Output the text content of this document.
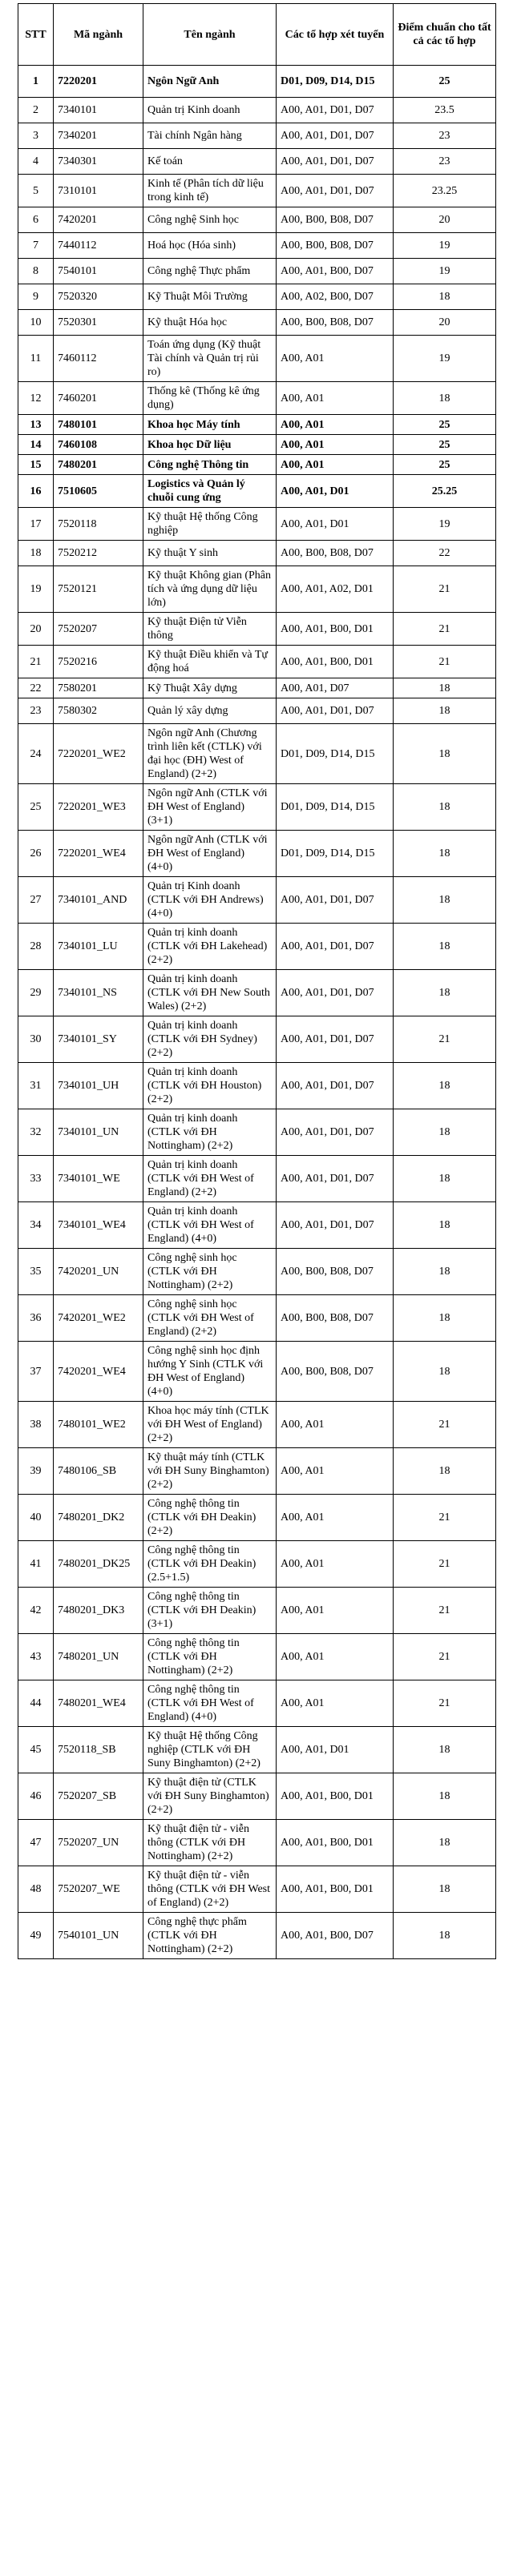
STT	Mã ngành	Tên ngành	Các tổ hợp xét tuyển	Điểm chuẩn cho tất cả các tổ hợp
1	7220201	Ngôn Ngữ Anh	D01, D09, D14, D15	25
2	7340101	Quản trị Kinh doanh	A00, A01, D01, D07	23.5
3	7340201	Tài chính Ngân hàng	A00, A01, D01, D07	23
4	7340301	Kế toán	A00, A01, D01, D07	23
5	7310101	Kinh tế (Phân tích dữ liệu trong kinh tế)	A00, A01, D01, D07	23.25
6	7420201	Công nghệ Sinh học	A00, B00, B08, D07	20
7	7440112	Hoá học (Hóa sinh)	A00, B00, B08, D07	19
8	7540101	Công nghệ Thực phẩm	A00, A01, B00, D07	19
9	7520320	Kỹ Thuật Môi Trường	A00, A02, B00, D07	18
10	7520301	Kỹ thuật Hóa học	A00, B00, B08, D07	20
11	7460112	Toán ứng dụng (Kỹ thuật Tài chính và Quản trị rủi ro)	A00, A01	19
12	7460201	Thống kê (Thống kê ứng dụng)	A00, A01	18
13	7480101	Khoa học Máy tính	A00, A01	25
14	7460108	Khoa học Dữ liệu	A00, A01	25
15	7480201	Công nghệ Thông tin	A00, A01	25
16	7510605	Logistics và Quản lý chuỗi cung ứng	A00, A01, D01	25.25
17	7520118	Kỹ thuật Hệ thống Công nghiệp	A00, A01, D01	19
18	7520212	Kỹ thuật Y sinh	A00, B00, B08, D07	22
19	7520121	Kỹ thuật Không gian (Phân tích và ứng dụng dữ liệu lớn)	A00, A01, A02, D01	21
20	7520207	Kỹ thuật Điện tử Viễn thông	A00, A01, B00, D01	21
21	7520216	Kỹ thuật Điều khiển và Tự động hoá	A00, A01, B00, D01	21
22	7580201	Kỹ Thuật Xây dựng	A00, A01, D07	18
23	7580302	Quản lý xây dựng	A00, A01, D01, D07	18
24	7220201_WE2	Ngôn ngữ Anh (Chương trình liên kết (CTLK) với đại học (ĐH) West of England) (2+2)	D01, D09, D14, D15	18
25	7220201_WE3	Ngôn ngữ Anh (CTLK với ĐH West of England) (3+1)	D01, D09, D14, D15	18
26	7220201_WE4	Ngôn ngữ Anh (CTLK với ĐH West of England) (4+0)	D01, D09, D14, D15	18
27	7340101_AND	Quản trị Kinh doanh (CTLK với ĐH Andrews) (4+0)	A00, A01, D01, D07	18
28	7340101_LU	Quản trị kinh doanh (CTLK với ĐH Lakehead) (2+2)	A00, A01, D01, D07	18
29	7340101_NS	Quản trị kinh doanh (CTLK với ĐH New South Wales) (2+2)	A00, A01, D01, D07	18
30	7340101_SY	Quản trị kinh doanh (CTLK với ĐH Sydney) (2+2)	A00, A01, D01, D07	21
31	7340101_UH	Quản trị kinh doanh (CTLK với ĐH Houston) (2+2)	A00, A01, D01, D07	18
32	7340101_UN	Quản trị kinh doanh (CTLK với ĐH Nottingham) (2+2)	A00, A01, D01, D07	18
33	7340101_WE	Quản trị kinh doanh (CTLK với ĐH West of England) (2+2)	A00, A01, D01, D07	18
34	7340101_WE4	Quản trị kinh doanh (CTLK với ĐH West of England) (4+0)	A00, A01, D01, D07	18
35	7420201_UN	Công nghệ sinh học (CTLK với ĐH Nottingham) (2+2)	A00, B00, B08, D07	18
36	7420201_WE2	Công nghệ sinh học (CTLK với ĐH West of England) (2+2)	A00, B00, B08, D07	18
37	7420201_WE4	Công nghệ sinh học định hướng Y Sinh (CTLK với ĐH West of England) (4+0)	A00, B00, B08, D07	18
38	7480101_WE2	Khoa học máy tính (CTLK với ĐH West of England) (2+2)	A00, A01	21
39	7480106_SB	Kỹ thuật máy tính (CTLK với ĐH Suny Binghamton) (2+2)	A00, A01	18
40	7480201_DK2	Công nghệ thông tin (CTLK với ĐH Deakin) (2+2)	A00, A01	21
41	7480201_DK25	Công nghệ thông tin (CTLK với ĐH Deakin) (2.5+1.5)	A00, A01	21
42	7480201_DK3	Công nghệ thông tin (CTLK với ĐH Deakin) (3+1)	A00, A01	21
43	7480201_UN	Công nghệ thông tin (CTLK với ĐH Nottingham) (2+2)	A00, A01	21
44	7480201_WE4	Công nghệ thông tin (CTLK với ĐH West of England) (4+0)	A00, A01	21
45	7520118_SB	Kỹ thuật Hệ thống Công nghiệp (CTLK với ĐH Suny Binghamton) (2+2)	A00, A01, D01	18
46	7520207_SB	Kỹ thuật điện tử (CTLK với ĐH Suny Binghamton) (2+2)	A00, A01, B00, D01	18
47	7520207_UN	Kỹ thuật điện tử - viễn thông (CTLK với ĐH Nottingham) (2+2)	A00, A01, B00, D01	18
48	7520207_WE	Kỹ thuật điện tử - viễn thông (CTLK với ĐH West of England) (2+2)	A00, A01, B00, D01	18
49	7540101_UN	Công nghệ thực phẩm (CTLK với ĐH Nottingham) (2+2)	A00, A01, B00, D07	18
